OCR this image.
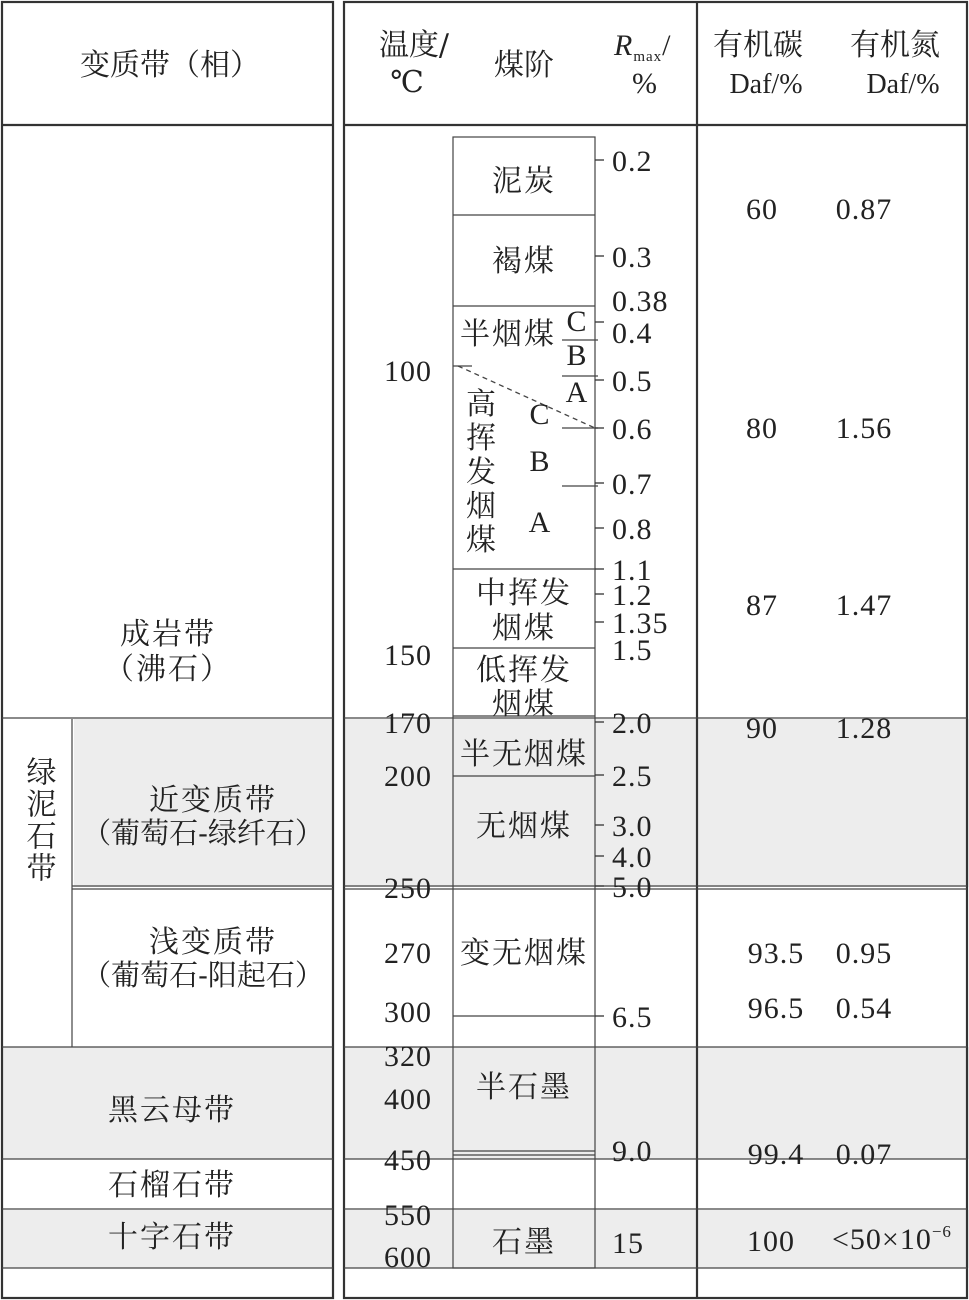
变质带（相）
温度/
℃ 煤阶
$R_{max}/$
%
有机碳
Daf/%
有机氮
Daf/%
成岩带
（沸石）
绿泥石带	近变质带
（葡萄石-绿纤石）
浅变质带
（葡萄石-阳起石）
黑云母带
石榴石带
十字石带
100
150
170
200
250
270
300
320
400
450
550
600
泥炭
褐煤
半烟煤 C
B
A
高
挥
发
烟
煤
C
B
A
中挥发
烟煤
低挥发
烟煤
半无烟煤
无烟煤
变无烟煤
半石墨
石墨
0.2
0.3
0.38
0.4
0.5
0.6
0.7
0.8
1.1
1.2
1.35
1.5
2.0
2.5
3.0
4.0
5.0
6.5
9.0
15
60
80
87
90
93.5
96.5
99.4
100
0.87
1.56
1.47
1.28
0.95
0.54
0.07
$<50\times 10^{-6}$
